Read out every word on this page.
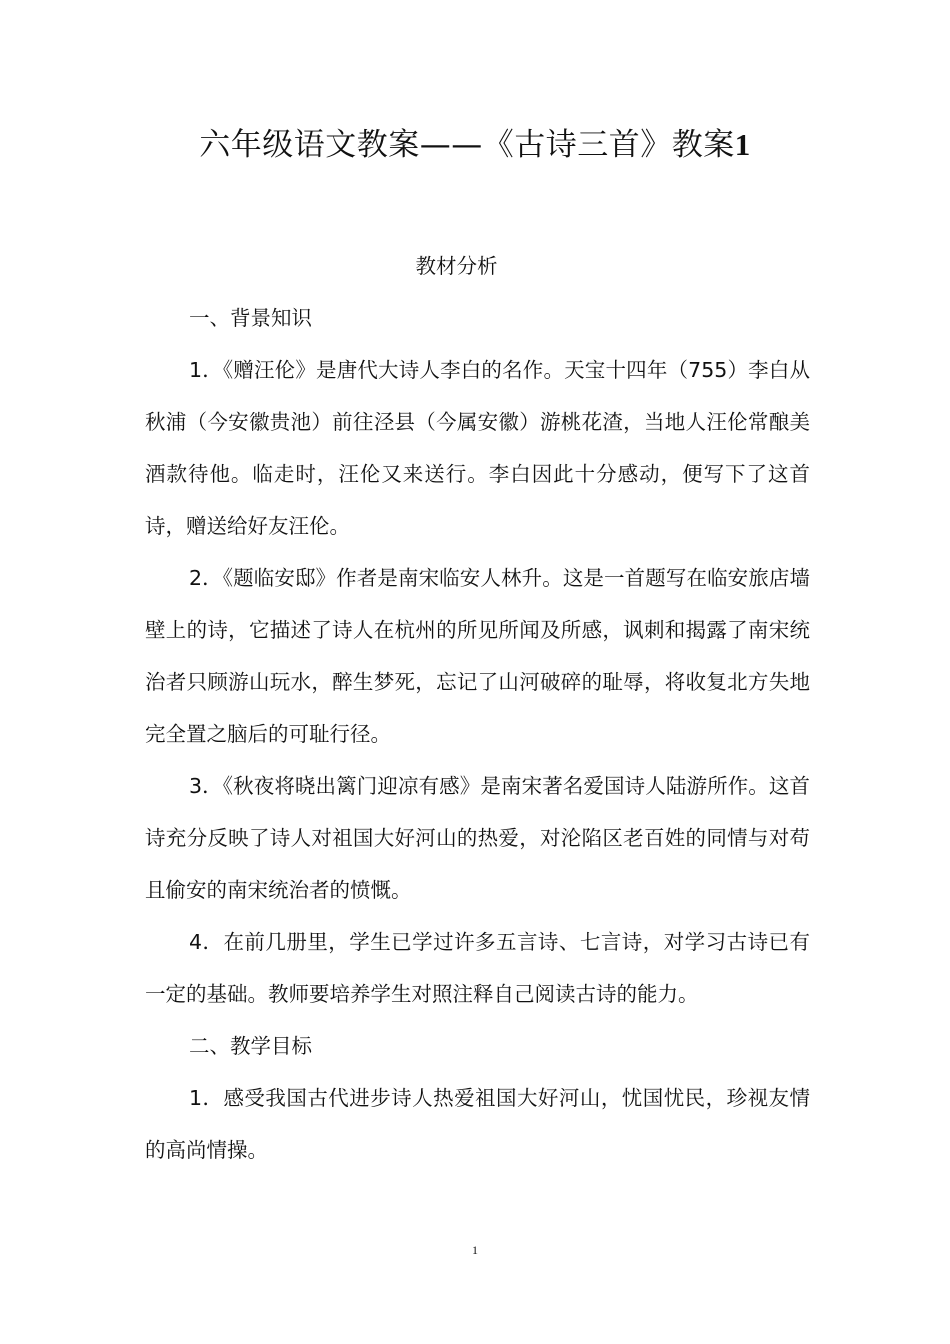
六年级语文教案——《古诗三首》教案1

教材分析

一、背景知识

1．《赠汪伦》是唐代大诗人李白的名作。天宝十四年（755）李白从秋浦（今安徽贵池）前往泾县（今属安徽）游桃花渣，当地人汪伦常酿美酒款待他。临走时，汪伦又来送行。李白因此十分感动，便写下了这首诗，赠送给好友汪伦。

2．《题临安邸》作者是南宋临安人林升。这是一首题写在临安旅店墙壁上的诗，它描述了诗人在杭州的所见所闻及所感，讽刺和揭露了南宋统治者只顾游山玩水，醉生梦死，忘记了山河破碎的耻辱，将收复北方失地完全置之脑后的可耻行径。

3．《秋夜将晓出篱门迎凉有感》是南宋著名爱国诗人陆游所作。这首诗充分反映了诗人对祖国大好河山的热爱，对沦陷区老百姓的同情与对苟且偷安的南宋统治者的愤慨。

4．在前几册里，学生已学过许多五言诗、七言诗，对学习古诗已有一定的基础。教师要培养学生对照注释自己阅读古诗的能力。

二、教学目标

1．感受我国古代进步诗人热爱祖国大好河山，忧国忧民，珍视友情的高尚情操。

1
